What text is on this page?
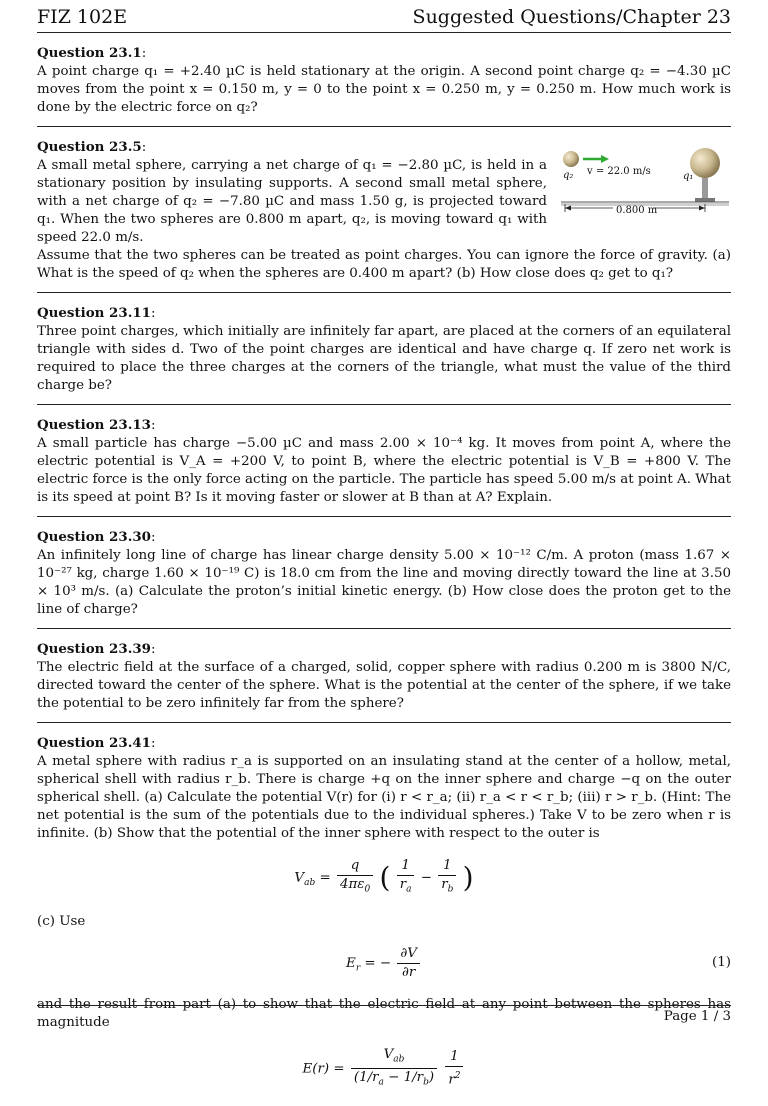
FIZ 102E	Suggested Questions/Chapter 23
Question 23.1:
A point charge q₁ = +2.40 µC is held stationary at the origin. A second point charge q₂ = −4.30 µC moves from the point x = 0.150 m, y = 0 to the point x = 0.250 m, y = 0.250 m. How much work is done by the electric force on q₂?
Question 23.5:
A small metal sphere, carrying a net charge of q₁ = −2.80 µC, is held in a stationary position by insulating supports. A second small metal sphere, with a net charge of q₂ = −7.80 µC and mass 1.50 g, is projected toward q₁. When the two spheres are 0.800 m apart, q₂, is moving toward q₁ with speed 22.0 m/s.
Assume that the two spheres can be treated as point charges. You can ignore the force of gravity. (a) What is the speed of q₂ when the spheres are 0.400 m apart? (b) How close does q₂ get to q₁?
q₂ v = 22.0 m/s	q₁
0.800 m
Question 23.11:
Three point charges, which initially are infinitely far apart, are placed at the corners of an equilateral triangle with sides d. Two of the point charges are identical and have charge q. If zero net work is required to place the three charges at the corners of the triangle, what must the value of the third charge be?
Question 23.13:
A small particle has charge −5.00 µC and mass 2.00 × 10⁻⁴ kg. It moves from point A, where the electric potential is V_A = +200 V, to point B, where the electric potential is V_B = +800 V. The electric force is the only force acting on the particle. The particle has speed 5.00 m/s at point A. What is its speed at point B? Is it moving faster or slower at B than at A? Explain.
Question 23.30:
An infinitely long line of charge has linear charge density 5.00 × 10⁻¹² C/m. A proton (mass 1.67 × 10⁻²⁷ kg, charge 1.60 × 10⁻¹⁹ C) is 18.0 cm from the line and moving directly toward the line at 3.50 × 10³ m/s. (a) Calculate the proton’s initial kinetic energy. (b) How close does the proton get to the line of charge?
Question 23.39:
The electric field at the surface of a charged, solid, copper sphere with radius 0.200 m is 3800 N/C, directed toward the center of the sphere. What is the potential at the center of the sphere, if we take the potential to be zero infinitely far from the sphere?
Question 23.41:
A metal sphere with radius r_a is supported on an insulating stand at the center of a hollow, metal, spherical shell with radius r_b. There is charge +q on the inner sphere and charge −q on the outer spherical shell. (a) Calculate the potential V(r) for (i) r < r_a; (ii) r_a < r < r_b; (iii) r > r_b. (Hint: The net potential is the sum of the potentials due to the individual spheres.) Take V to be zero when r is infinite. (b) Show that the potential of the inner sphere with respect to the outer is
$V_{ab} = \frac{q}{4\pi\varepsilon_0}$ ( $\frac{1}{r_a} - \frac{1}{r_b}$ )
(c) Use
$E_r$ = − $\frac{\partial V}{\partial r}$	(1)
and the result from part (a) to show that the electric field at any point between the spheres has magnitude
$E(r) = \frac{V_{ab}}{(1/r_a - 1/r_b)}$
$\frac{1}{r^2}$
Page 1 / 3
